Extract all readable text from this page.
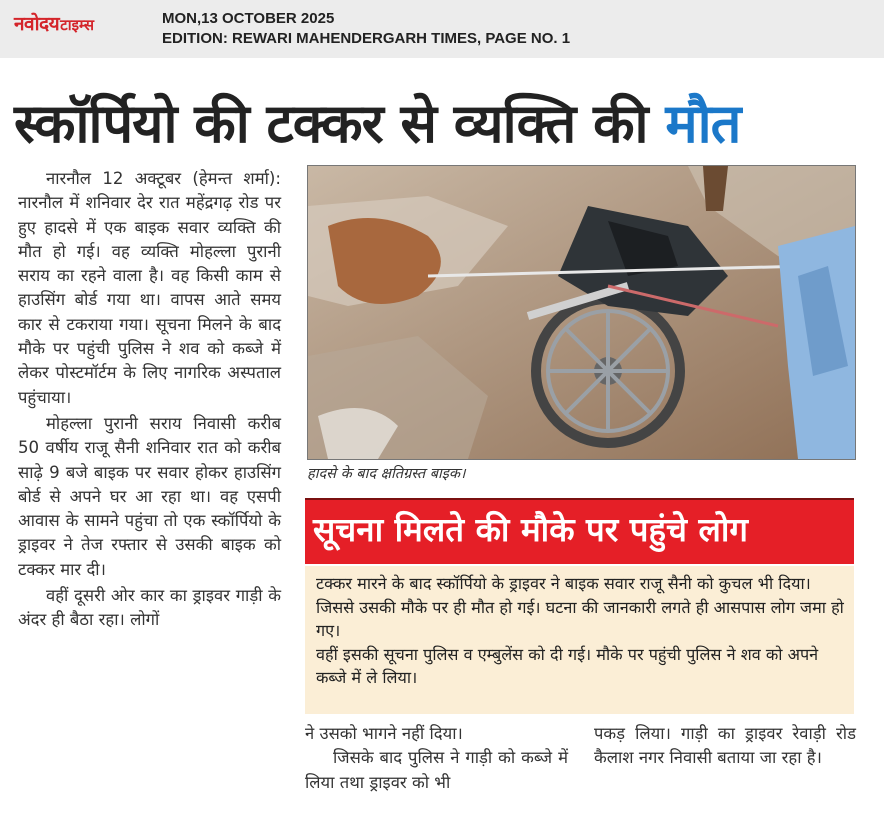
नवोदयटाइम्स	MON,13 OCTOBER 2025
EDITION: REWARI MAHENDERGARH TIMES, PAGE NO. 1
स्कॉर्पियो की टक्कर से व्यक्ति की मौत

नारनौल 12 अक्टूबर (हेमन्त शर्मा): नारनौल में शनिवार देर रात महेंद्रगढ़ रोड पर हुए हादसे में एक बाइक सवार व्यक्ति की मौत हो गई। वह व्यक्ति मोहल्ला पुरानी सराय का रहने वाला है। वह किसी काम से हाउसिंग बोर्ड गया था। वापस आते समय कार से टकराया गया। सूचना मिलने के बाद मौके पर पहुंची पुलिस ने शव को कब्जे में लेकर पोस्टमॉर्टम के लिए नागरिक अस्पताल पहुंचाया।

मोहल्ला पुरानी सराय निवासी करीब 50 वर्षीय राजू सैनी शनिवार रात को करीब साढ़े 9 बजे बाइक पर सवार होकर हाउसिंग बोर्ड से अपने घर आ रहा था। वह एसपी आवास के सामने पहुंचा तो एक स्कॉर्पियो के ड्राइवर ने तेज रफ्तार से उसकी बाइक को टक्कर मार दी।

वहीं दूसरी ओर कार का ड्राइवर गाड़ी के अंदर ही बैठा रहा। लोगों

हादसे के बाद क्षतिग्रस्त बाइक।
सूचना मिलते की मौके पर पहुंचे लोग

टक्कर मारने के बाद स्कॉर्पियो के ड्राइवर ने बाइक सवार राजू सैनी को कुचल भी दिया। जिससे उसकी मौके पर ही मौत हो गई। घटना की जानकारी लगते ही आसपास लोग जमा हो गए।

वहीं इसकी सूचना पुलिस व एम्बुलेंस को दी गई। मौके पर पहुंची पुलिस ने शव को अपने कब्जे में ले लिया।

ने उसको भागने नहीं दिया।

जिसके बाद पुलिस ने गाड़ी को कब्जे में लिया तथा ड्राइवर को भी

पकड़ लिया। गाड़ी का ड्राइवर रेवाड़ी रोड कैलाश नगर निवासी बताया जा रहा है।
